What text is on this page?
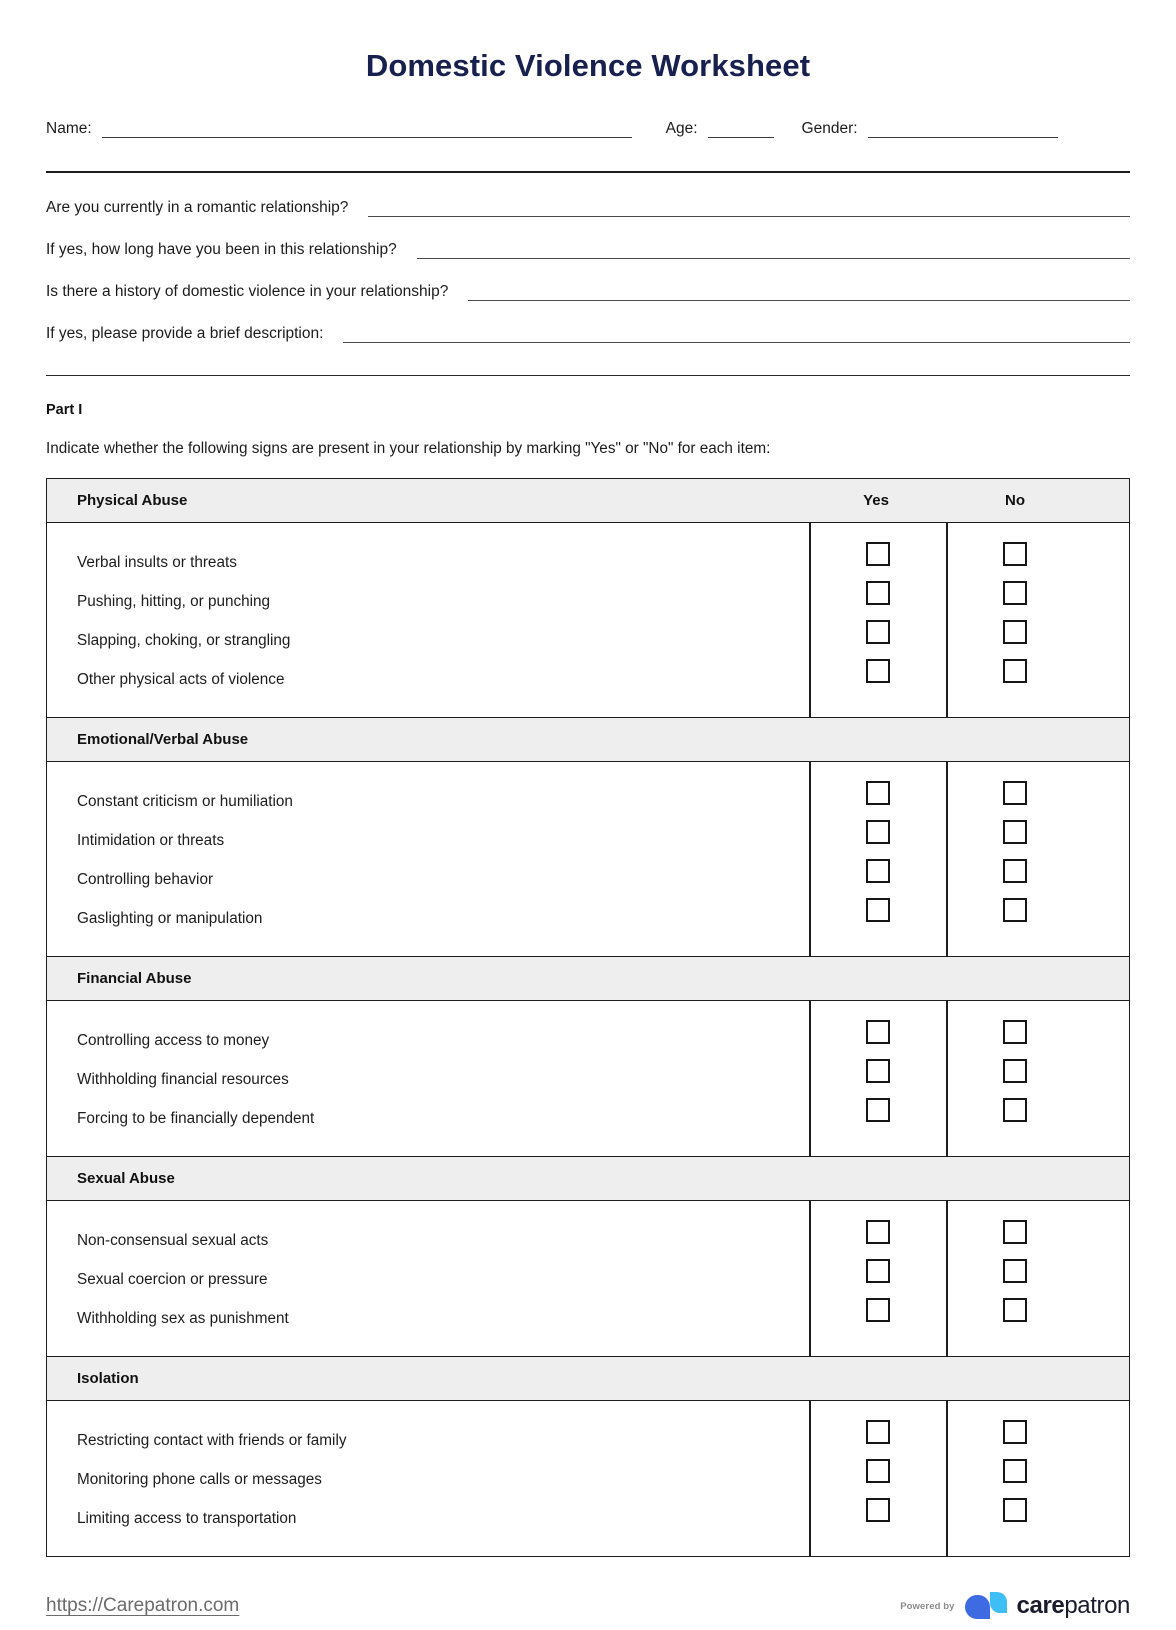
Domestic Violence Worksheet
Name:	Age:	Gender:
Are you currently in a romantic relationship?
If yes, how long have you been in this relationship?
Is there a history of domestic violence in your relationship?
If yes, please provide a brief description:
Part I
Indicate whether the following signs are present in your relationship by marking "Yes" or "No" for each item:
Physical Abuse	Yes	No
Verbal insults or threats
Pushing, hitting, or punching
Slapping, choking, or strangling
Other physical acts of violence
Emotional/Verbal Abuse
Constant criticism or humiliation
Intimidation or threats
Controlling behavior
Gaslighting or manipulation
Financial Abuse
Controlling access to money
Withholding financial resources
Forcing to be financially dependent
Sexual Abuse
Non-consensual sexual acts
Sexual coercion or pressure
Withholding sex as punishment
Isolation
Restricting contact with friends or family
Monitoring phone calls or messages
Limiting access to transportation
https://Carepatron.com	Powered by	carepatron
